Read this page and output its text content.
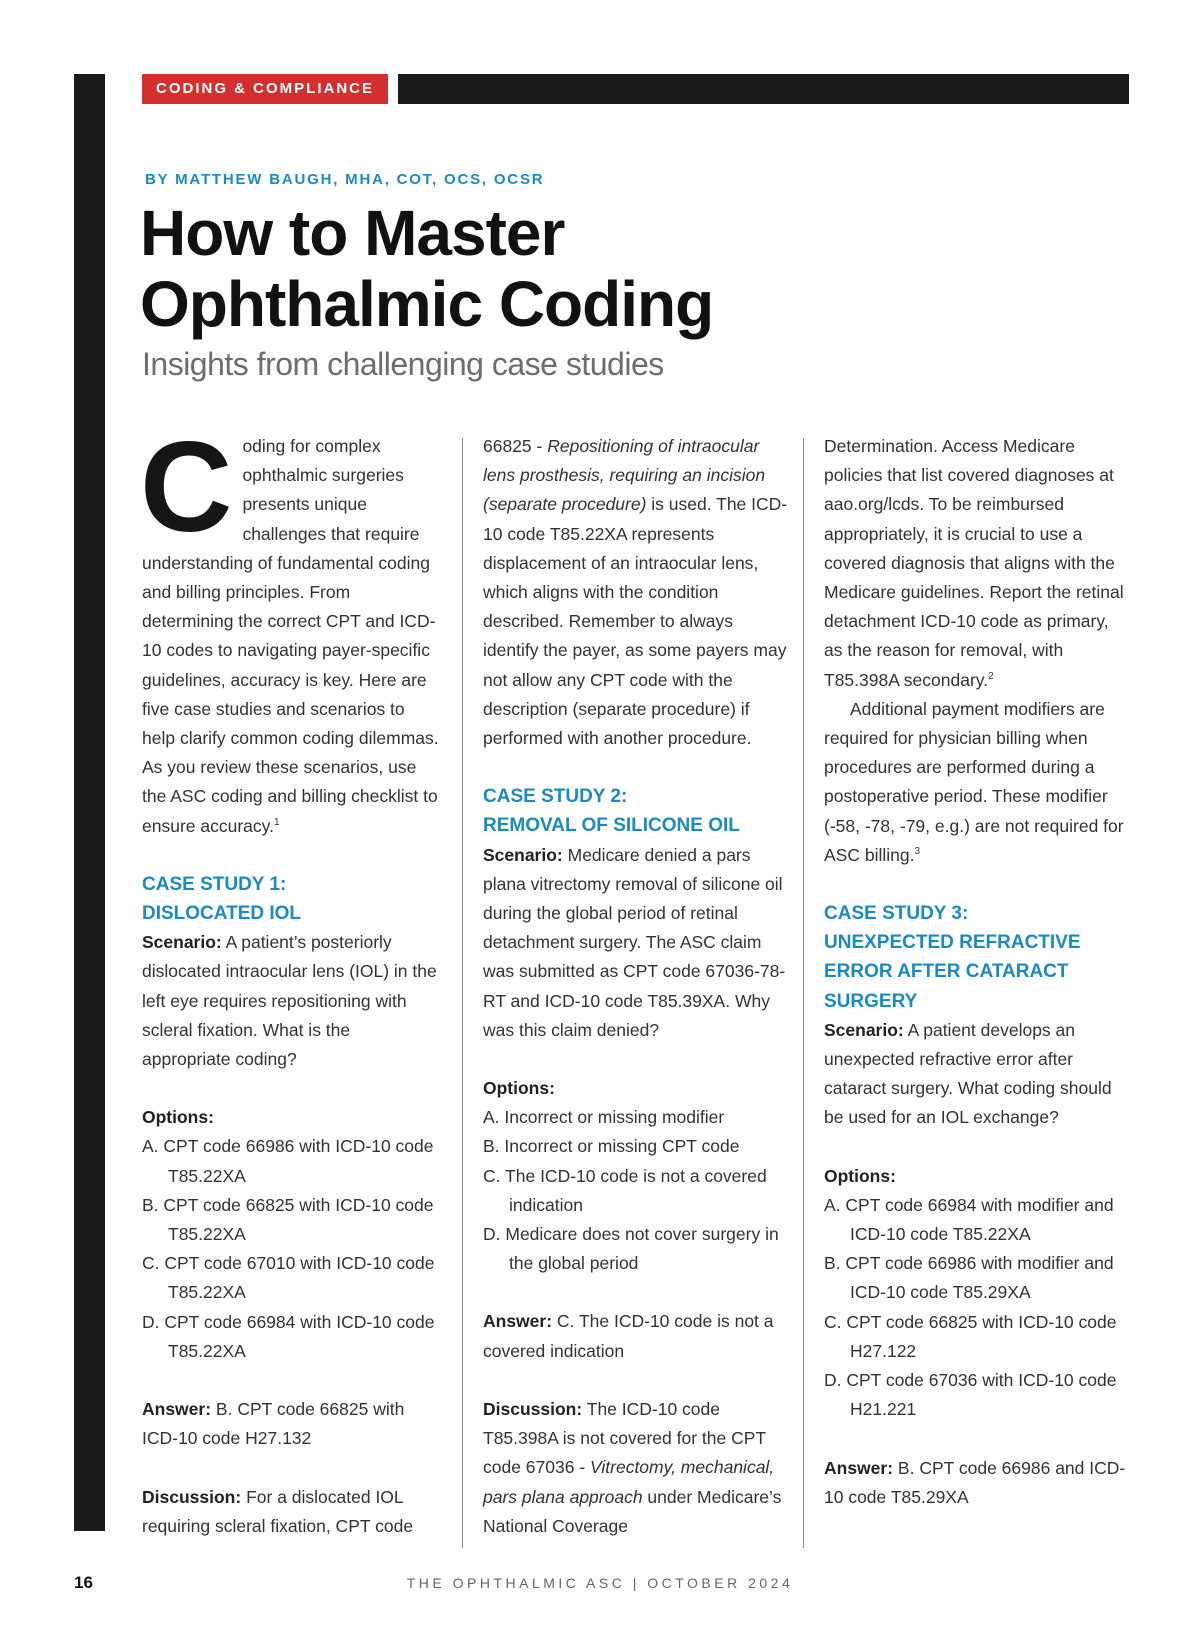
CODING & COMPLIANCE
BY MATTHEW BAUGH, MHA, COT, OCS, OCSR
How to Master
Ophthalmic Coding
Insights from challenging case studies

Coding for complex ophthalmic surgeries presents unique challenges that require understanding of fundamental coding and billing principles. From determining the correct CPT and ICD-10 codes to navigating payer-specific guidelines, accuracy is key. Here are five case studies and scenarios to help clarify common coding dilemmas. As you review these scenarios, use the ASC coding and billing checklist to ensure accuracy.$^1$

CASE STUDY 1:
DISLOCATED IOL

Scenario: A patient’s posteriorly dislocated intraocular lens (IOL) in the left eye requires repositioning with scleral fixation. What is the appropriate coding?

Options:

A. CPT code 66986 with ICD-10 code T85.22XA

B. CPT code 66825 with ICD-10 code T85.22XA

C. CPT code 67010 with ICD-10 code T85.22XA

D. CPT code 66984 with ICD-10 code T85.22XA

Answer: B. CPT code 66825 with ICD-10 code H27.132

Discussion: For a dislocated IOL requiring scleral fixation, CPT code

66825 - Repositioning of intraocular lens prosthesis, requiring an incision (separate procedure) is used. The ICD-10 code T85.22XA represents displacement of an intraocular lens, which aligns with the condition described. Remember to always identify the payer, as some payers may not allow any CPT code with the description (separate procedure) if performed with another procedure.

CASE STUDY 2:
REMOVAL OF SILICONE OIL

Scenario: Medicare denied a pars plana vitrectomy removal of silicone oil during the global period of retinal detachment surgery. The ASC claim was submitted as CPT code 67036-78-RT and ICD-10 code T85.39XA. Why was this claim denied?

Options:

A. Incorrect or missing modifier

B. Incorrect or missing CPT code

C. The ICD-10 code is not a covered indication

D. Medicare does not cover surgery in the global period

Answer: C. The ICD-10 code is not a covered indication

Discussion: The ICD-10 code T85.398A is not covered for the CPT code 67036 - Vitrectomy, mechanical, pars plana approach under Medicare’s National Coverage

Determination. Access Medicare policies that list covered diagnoses at aao.org/lcds. To be reimbursed appropriately, it is crucial to use a covered diagnosis that aligns with the Medicare guidelines. Report the retinal detachment ICD-10 code as primary, as the reason for removal, with T85.398A secondary.$^2$

Additional payment modifiers are required for physician billing when procedures are performed during a postoperative period. These modifier (-58, -78, -79, e.g.) are not required for ASC billing.$^3$

CASE STUDY 3:
UNEXPECTED REFRACTIVE
ERROR AFTER CATARACT
SURGERY

Scenario: A patient develops an unexpected refractive error after cataract surgery. What coding should be used for an IOL exchange?

Options:

A. CPT code 66984 with modifier and ICD-10 code T85.22XA

B. CPT code 66986 with modifier and ICD-10 code T85.29XA

C. CPT code 66825 with ICD-10 code H27.122

D. CPT code 67036 with ICD-10 code H21.221

Answer: B. CPT code 66986 and ICD-10 code T85.29XA

16	THE OPHTHALMIC ASC | OCTOBER 2024
